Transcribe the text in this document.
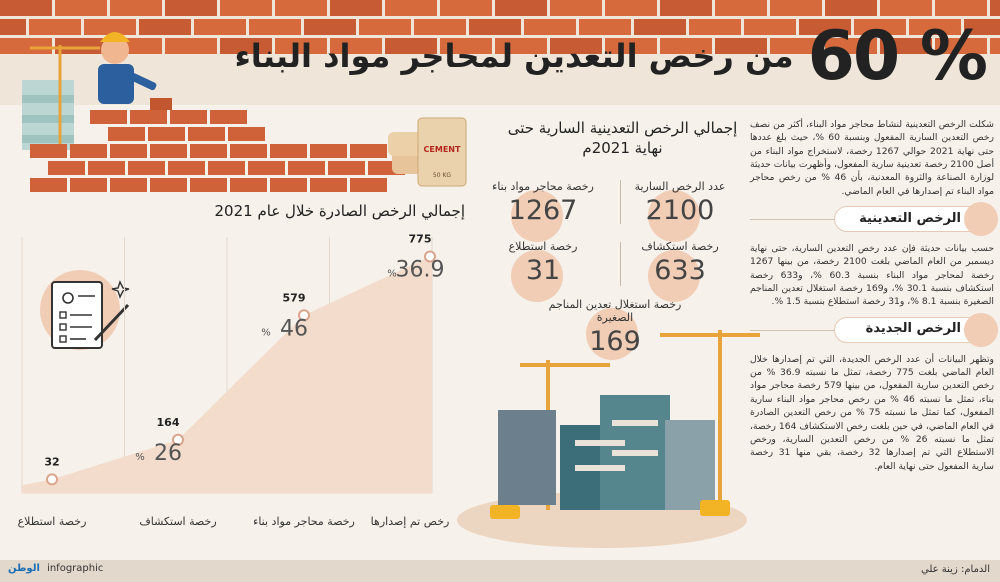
60 %
من رخص التعدين لمحاجر مواد البناء
CEMENT
50 KG
شكلت الرخص التعدينية لنشاط محاجر مواد البناء، أكثر من نصف رخص التعدين السارية المفعول وبنسبة 60 %، حيث بلغ عددها حتى نهاية 2021 حوالي 1267 رخصة، لاستخراج مواد البناء من أصل 2100 رخصة تعدينية سارية المفعول، وأظهرت بيانات حديثة لوزارة الصناعة والثروة المعدنية، بأن 46 % من رخص محاجر مواد البناء تم إصدارها في العام الماضي.
الرخص التعدينية
حسب بيانات حديثة فإن عدد رخص التعدين السارية، حتى نهاية ديسمبر من العام الماضي بلغت 2100 رخصة، من بينها 1267 رخصة لمحاجر مواد البناء بنسبة 60.3 %، و633 رخصة استكشاف بنسبة 30.1 %، و169 رخصة استغلال تعدين المناجم الصغيرة بنسبة 8.1 %، و31 رخصة استطلاع بنسبة 1.5 %.
الرخص الجديدة
وتظهر البيانات أن عدد الرخص الجديدة، التي تم إصدارها خلال العام الماضي بلغت 775 رخصة، تمثل ما نسبته 36.9 % من رخص التعدين سارية المفعول، من بينها 579 رخصة محاجر مواد بناء، تمثل ما نسبته 46 % من رخص محاجر مواد البناء سارية المفعول، كما تمثل ما نسبته 75 % من رخص التعدين الصادرة في العام الماضي، في حين بلغت رخص الاستكشاف 164 رخصة، تمثل ما نسبته 26 % من رخص التعدين السارية، ورخص الاستطلاع التي تم إصدارها 32 رخصة، بقي منها 31 رخصة سارية المفعول حتى نهاية العام.
إجمالي الرخص التعدينية السارية حتى نهاية 2021م
عدد الرخص السارية
2100
رخصة محاجر مواد بناء
1267
رخصة استكشاف
633
رخصة استطلاع
31
رخصة استغلال تعدين المناجم الصغيرة
169
إجمالي الرخص الصادرة خلال عام 2021
32
رخصة استطلاع
164
26
%
رخصة استكشاف
579
46
%
رخصة محاجر مواد بناء
775
36.9
%
رخص تم إصدارها
الدمام: زينة علي
الوطن infographic
